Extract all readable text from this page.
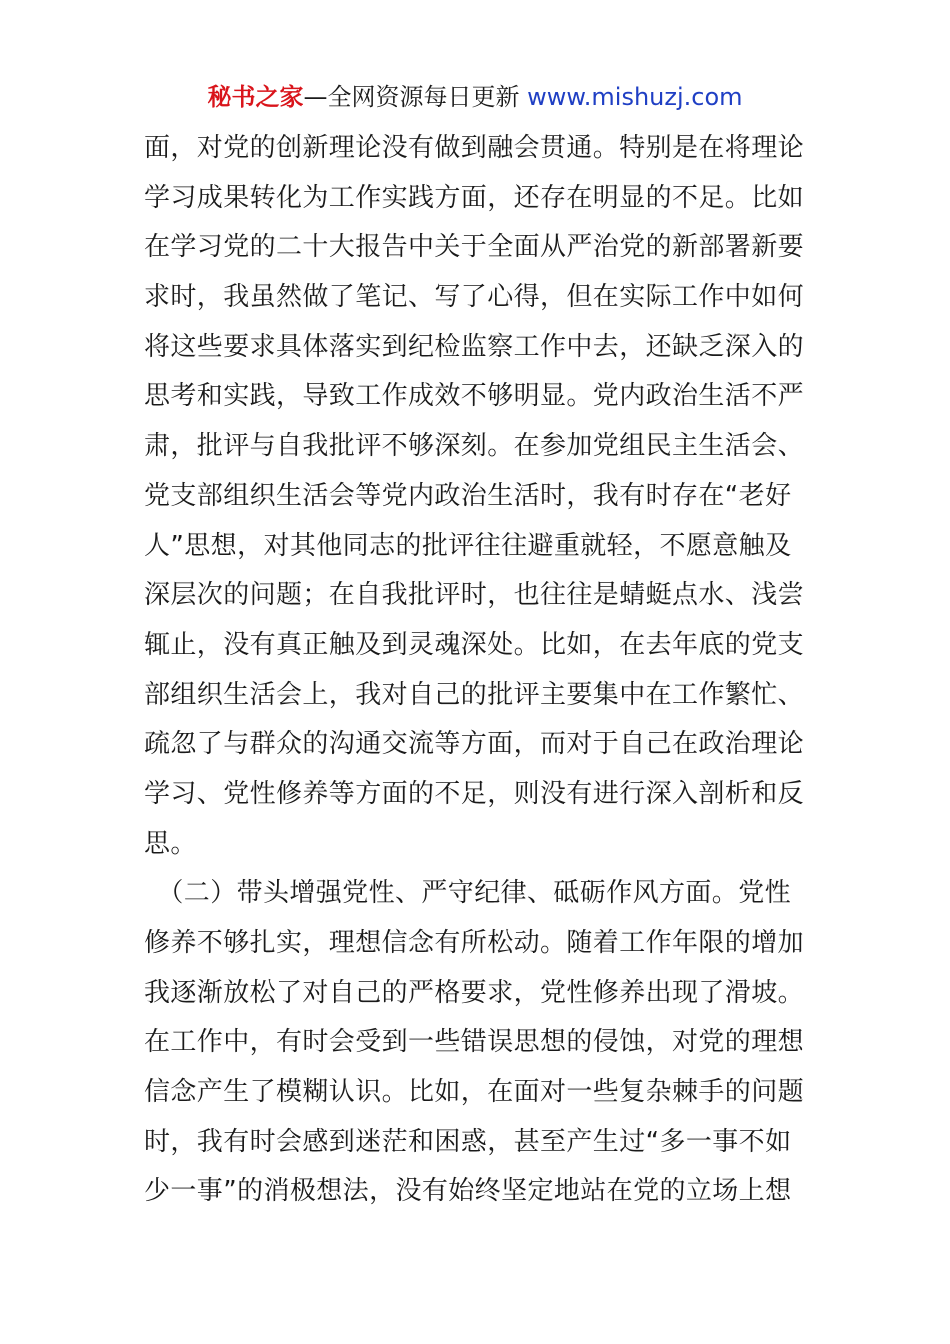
秘书之家—全网资源每日更新 www.mishuzj.com
面，对党的创新理论没有做到融会贯通。特别是在将理论
学习成果转化为工作实践方面，还存在明显的不足。比如
在学习党的二十大报告中关于全面从严治党的新部署新要
求时，我虽然做了笔记、写了心得，但在实际工作中如何
将这些要求具体落实到纪检监察工作中去，还缺乏深入的
思考和实践，导致工作成效不够明显。党内政治生活不严
肃，批评与自我批评不够深刻。在参加党组民主生活会、
党支部组织生活会等党内政治生活时，我有时存在“老好
人”思想，对其他同志的批评往往避重就轻，不愿意触及
深层次的问题；在自我批评时，也往往是蜻蜓点水、浅尝
辄止，没有真正触及到灵魂深处。比如，在去年底的党支
部组织生活会上，我对自己的批评主要集中在工作繁忙、
疏忽了与群众的沟通交流等方面，而对于自己在政治理论
学习、党性修养等方面的不足，则没有进行深入剖析和反
思。
　（二）带头增强党性、严守纪律、砥砺作风方面。党性
修养不够扎实，理想信念有所松动。随着工作年限的增加
我逐渐放松了对自己的严格要求，党性修养出现了滑坡。
在工作中，有时会受到一些错误思想的侵蚀，对党的理想
信念产生了模糊认识。比如，在面对一些复杂棘手的问题
时，我有时会感到迷茫和困惑，甚至产生过“多一事不如
少一事”的消极想法，没有始终坚定地站在党的立场上想
